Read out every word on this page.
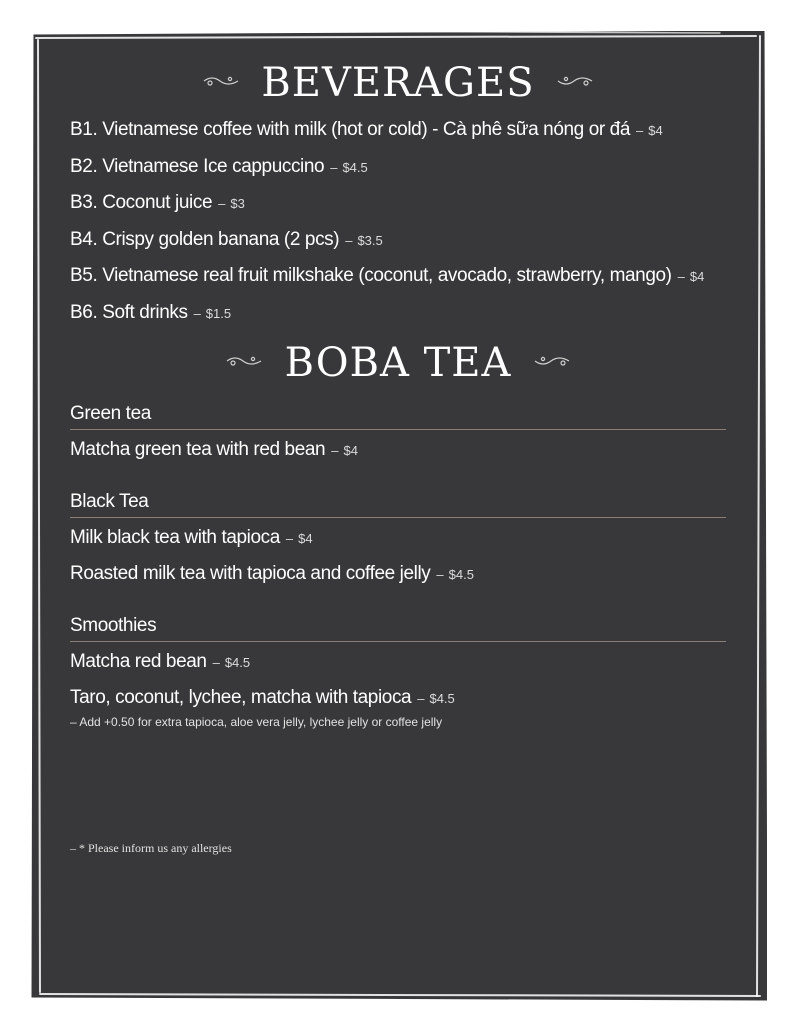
BEVERAGES
B1. Vietnamese coffee with milk (hot or cold) - Cà phê sữa nóng or đá – $4
B2. Vietnamese Ice cappuccino – $4.5
B3. Coconut juice – $3
B4. Crispy golden banana (2 pcs) – $3.5
B5. Vietnamese real fruit milkshake (coconut, avocado, strawberry, mango) – $4
B6. Soft drinks – $1.5
BOBA TEA
Green tea
Matcha green tea with red bean – $4
Black Tea
Milk black tea with tapioca – $4
Roasted milk tea with tapioca and coffee jelly – $4.5
Smoothies
Matcha red bean – $4.5
Taro, coconut, lychee, matcha with tapioca – $4.5
– Add +0.50 for extra tapioca, aloe vera jelly, lychee jelly or coffee jelly
– * Please inform us any allergies
